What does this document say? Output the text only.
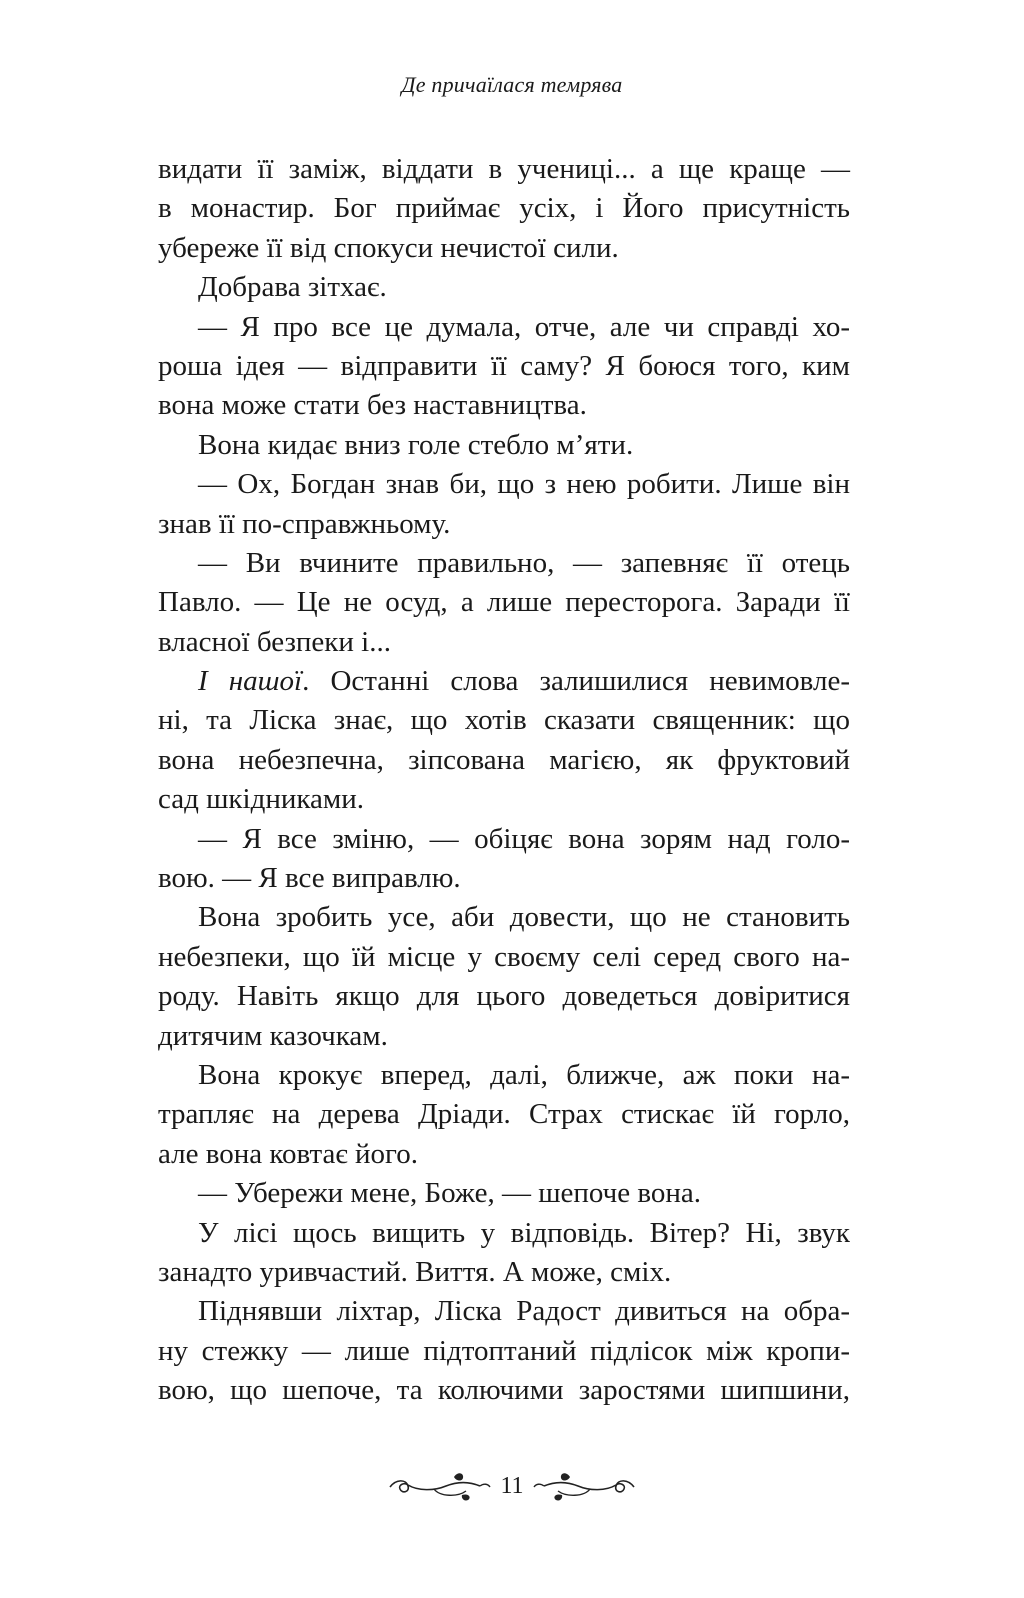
Де причаїлася темрява
видати її заміж, віддати в учениці... а ще краще —
в монастир. Бог приймає усіх, і Його присутність
убереже її від спокуси нечистої сили.
Добрава зітхає.
— Я про все це думала, отче, але чи справді хо-
роша ідея — відправити її саму? Я боюся того, ким
вона може стати без наставництва.
Вона кидає вниз голе стебло м’яти.
— Ох, Богдан знав би, що з нею робити. Лише він
знав її по-справжньому.
— Ви вчините правильно, — запевняє її отець
Павло. — Це не осуд, а лише пересторога. Заради її
власної безпеки і...
І нашої. Останні слова залишилися невимовле-
ні, та Ліска знає, що хотів сказати священник: що
вона небезпечна, зіпсована магією, як фруктовий
сад шкідниками.
— Я все зміню, — обіцяє вона зорям над голо-
вою. — Я все виправлю.
Вона зробить усе, аби довести, що не становить
небезпеки, що їй місце у своєму селі серед свого на-
роду. Навіть якщо для цього доведеться довіритися
дитячим казочкам.
Вона крокує вперед, далі, ближче, аж поки на-
трапляє на дерева Дріади. Страх стискає їй горло,
але вона ковтає його.
— Убережи мене, Боже, — шепоче вона.
У лісі щось вищить у відповідь. Вітер? Ні, звук
занадто уривчастий. Виття. А може, сміх.
Піднявши ліхтар, Ліска Радост дивиться на обра-
ну стежку — лише підтоптаний підлісок між кропи-
вою, що шепоче, та колючими заростями шипшини,
11
